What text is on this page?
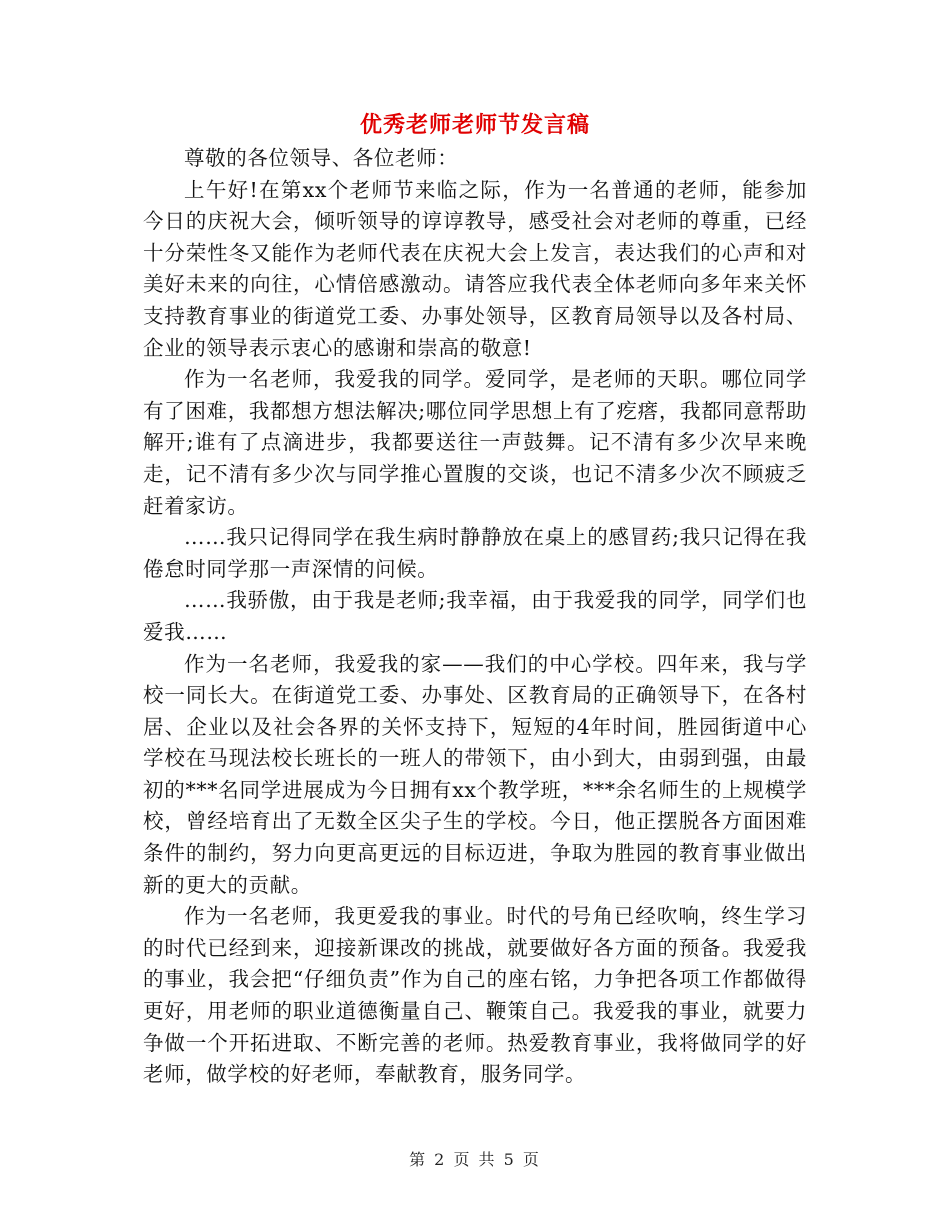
优秀老师老师节发言稿

尊敬的各位领导、各位老师：

上午好!在第xx个老师节来临之际，作为一名普通的老师，能参加今日的庆祝大会，倾听领导的谆谆教导，感受社会对老师的尊重，已经十分荣性冬又能作为老师代表在庆祝大会上发言，表达我们的心声和对美好未来的向往，心情倍感激动。请答应我代表全体老师向多年来关怀支持教育事业的街道党工委、办事处领导，区教育局领导以及各村局、企业的领导表示衷心的感谢和崇高的敬意!

作为一名老师，我爱我的同学。爱同学，是老师的天职。哪位同学有了困难，我都想方想法解决;哪位同学思想上有了疙瘩，我都同意帮助解开;谁有了点滴进步，我都要送往一声鼓舞。记不清有多少次早来晚走，记不清有多少次与同学推心置腹的交谈，也记不清多少次不顾疲乏赶着家访。

……我只记得同学在我生病时静静放在桌上的感冒药;我只记得在我倦怠时同学那一声深情的问候。

……我骄傲，由于我是老师;我幸福，由于我爱我的同学，同学们也爱我……

作为一名老师，我爱我的家——我们的中心学校。四年来，我与学校一同长大。在街道党工委、办事处、区教育局的正确领导下，在各村居、企业以及社会各界的关怀支持下，短短的4年时间，胜园街道中心学校在马现法校长班长的一班人的带领下，由小到大，由弱到强，由最初的***名同学进展成为今日拥有xx个教学班，***余名师生的上规模学校，曾经培育出了无数全区尖子生的学校。今日，他正摆脱各方面困难条件的制约，努力向更高更远的目标迈进，争取为胜园的教育事业做出新的更大的贡献。

作为一名老师，我更爱我的事业。时代的号角已经吹响，终生学习的时代已经到来，迎接新课改的挑战，就要做好各方面的预备。我爱我的事业，我会把“仔细负责”作为自己的座右铭，力争把各项工作都做得更好，用老师的职业道德衡量自己、鞭策自己。我爱我的事业，就要力争做一个开拓进取、不断完善的老师。热爱教育事业，我将做同学的好老师，做学校的好老师，奉献教育，服务同学。

第 2 页 共 5 页
